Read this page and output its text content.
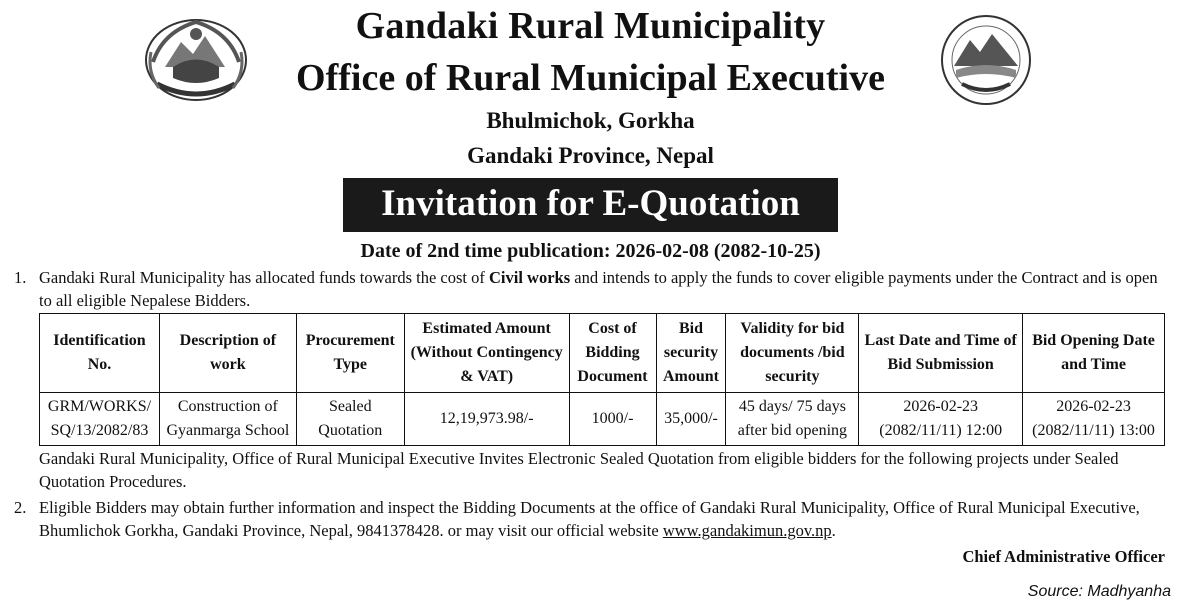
Gandaki Rural Municipality
Office of Rural Municipal Executive
Bhulmichok, Gorkha
Gandaki Province, Nepal
Invitation for E-Quotation
Date of 2nd time publication: 2026-02-08 (2082-10-25)
1. Gandaki Rural Municipality has allocated funds towards the cost of Civil works and intends to apply the funds to cover eligible payments under the Contract and is open to all eligible Nepalese Bidders.
Identification No.	Description of work	Procurement Type	Estimated Amount (Without Contingency & VAT)	Cost of Bidding Document	Bid security Amount	Validity for bid documents /bid security	Last Date and Time of Bid Submission	Bid Opening Date and Time
GRM/WORKS/ SQ/13/2082/83	Construction of Gyanmarga School	Sealed Quotation	12,19,973.98/-	1000/-	35,000/-	45 days/ 75 days after bid opening	2026-02-23 (2082/11/11) 12:00	2026-02-23 (2082/11/11) 13:00
Gandaki Rural Municipality, Office of Rural Municipal Executive Invites Electronic Sealed Quotation from eligible bidders for the following projects under Sealed Quotation Procedures.
2. Eligible Bidders may obtain further information and inspect the Bidding Documents at the office of Gandaki Rural Municipality, Office of Rural Municipal Executive, Bhumlichok Gorkha, Gandaki Province, Nepal, 9841378428. or may visit our official website www.gandakimun.gov.np.
Chief Administrative Officer
Source: Madhyanha
